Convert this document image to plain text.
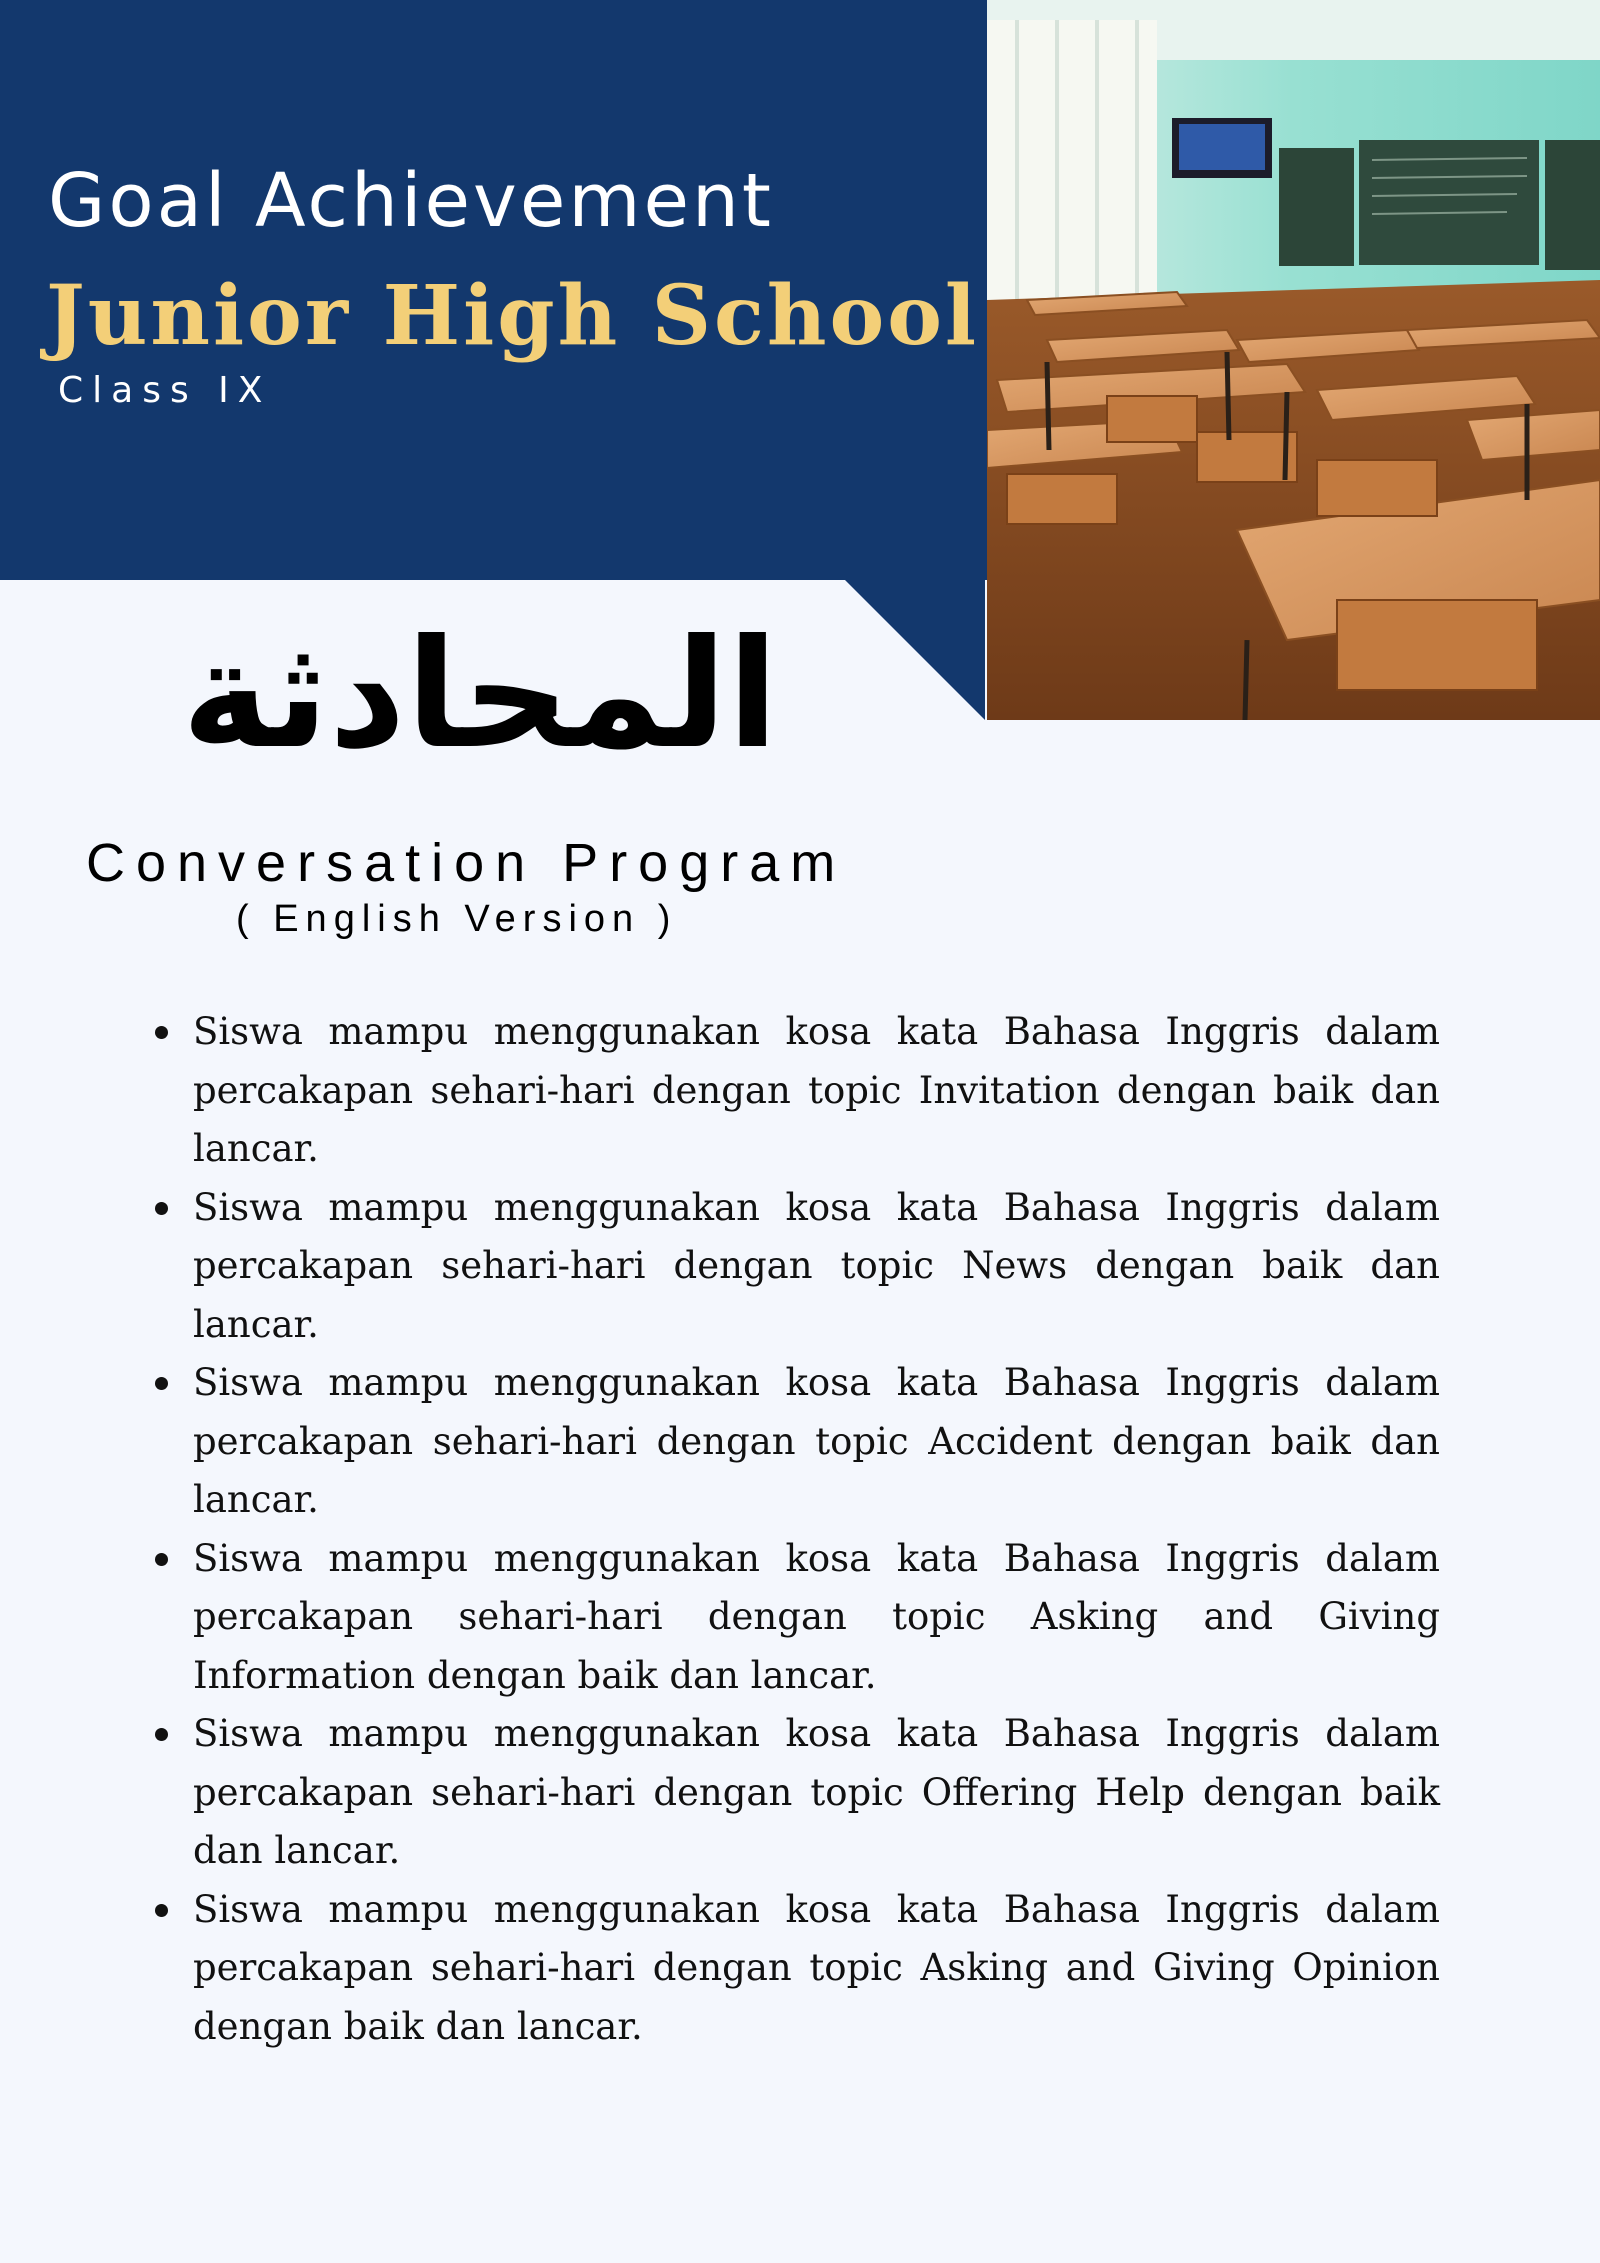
Goal Achievement
Junior High School
Class IX
المحادثة
Conversation Program
( English Version )
Siswa mampu menggunakan kosa kata Bahasa Inggris dalam percakapan sehari-hari dengan topic Invitation dengan baik dan lancar.
Siswa mampu menggunakan kosa kata Bahasa Inggris dalam percakapan sehari-hari dengan topic News dengan baik dan lancar.
Siswa mampu menggunakan kosa kata Bahasa Inggris dalam percakapan sehari-hari dengan topic Accident dengan baik dan lancar.
Siswa mampu menggunakan kosa kata Bahasa Inggris dalam percakapan sehari-hari dengan topic Asking and Giving Information dengan baik dan lancar.
Siswa mampu menggunakan kosa kata Bahasa Inggris dalam percakapan sehari-hari dengan topic Offering Help dengan baik dan lancar.
Siswa mampu menggunakan kosa kata Bahasa Inggris dalam percakapan sehari-hari dengan topic Asking and Giving Opinion dengan baik dan lancar.
